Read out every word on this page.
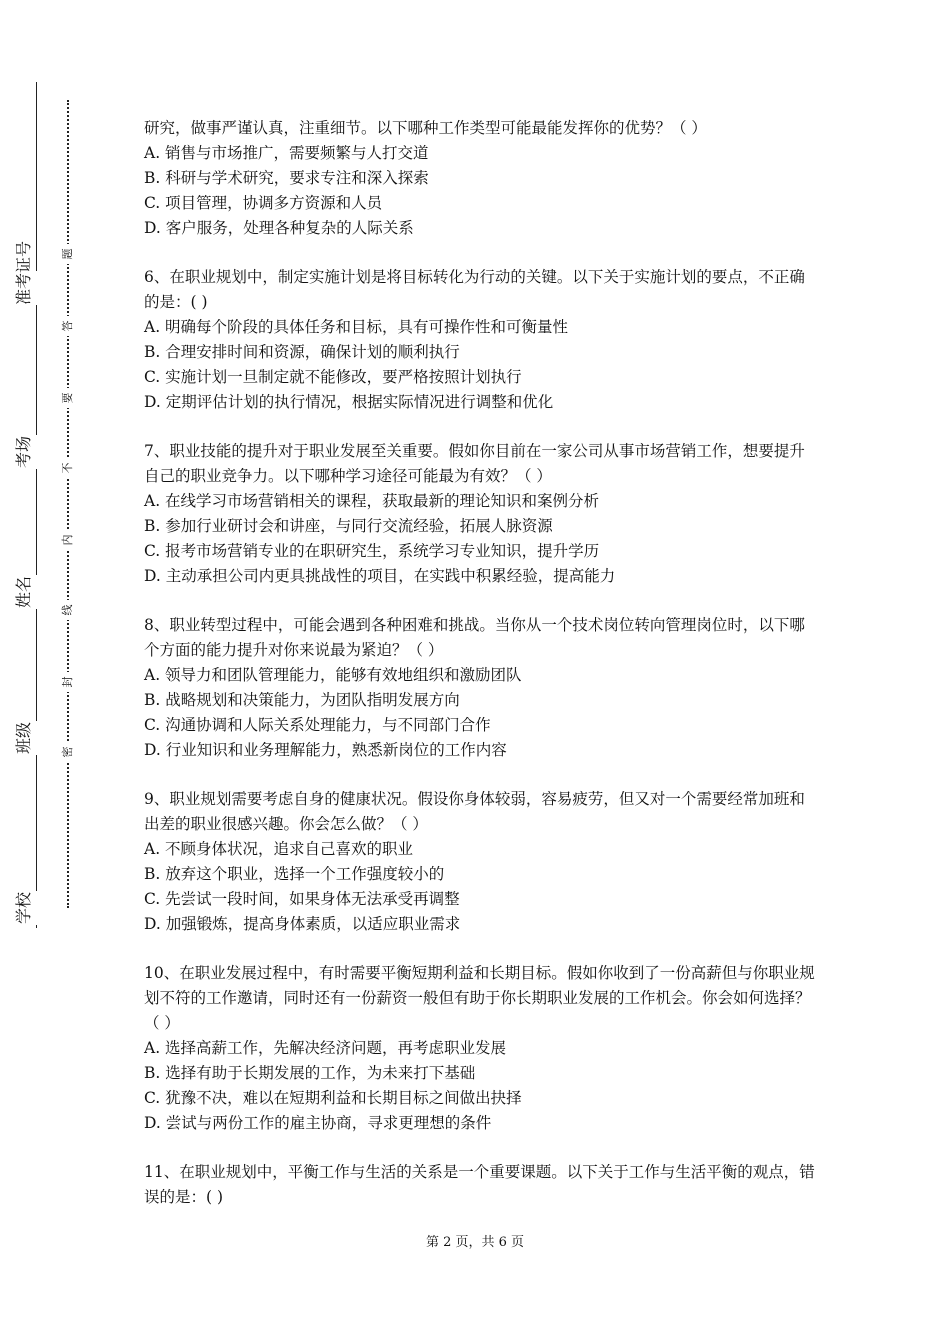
准考证号
考场
姓名
班级
学校
题
答
要
不
内
线
封
密

研究，做事严谨认真，注重细节。以下哪种工作类型可能最能发挥你的优势？（ ）

A. 销售与市场推广，需要频繁与人打交道

B. 科研与学术研究，要求专注和深入探索

C. 项目管理，协调多方资源和人员

D. 客户服务，处理各种复杂的人际关系

6、在职业规划中，制定实施计划是将目标转化为行动的关键。以下关于实施计划的要点，不正确的是：( )

A. 明确每个阶段的具体任务和目标，具有可操作性和可衡量性

B. 合理安排时间和资源，确保计划的顺利执行

C. 实施计划一旦制定就不能修改，要严格按照计划执行

D. 定期评估计划的执行情况，根据实际情况进行调整和优化

7、职业技能的提升对于职业发展至关重要。假如你目前在一家公司从事市场营销工作，想要提升自己的职业竞争力。以下哪种学习途径可能最为有效？（ ）

A. 在线学习市场营销相关的课程，获取最新的理论知识和案例分析

B. 参加行业研讨会和讲座，与同行交流经验，拓展人脉资源

C. 报考市场营销专业的在职研究生，系统学习专业知识，提升学历

D. 主动承担公司内更具挑战性的项目，在实践中积累经验，提高能力

8、职业转型过程中，可能会遇到各种困难和挑战。当你从一个技术岗位转向管理岗位时，以下哪个方面的能力提升对你来说最为紧迫？（ ）

A. 领导力和团队管理能力，能够有效地组织和激励团队

B. 战略规划和决策能力，为团队指明发展方向

C. 沟通协调和人际关系处理能力，与不同部门合作

D. 行业知识和业务理解能力，熟悉新岗位的工作内容

9、职业规划需要考虑自身的健康状况。假设你身体较弱，容易疲劳，但又对一个需要经常加班和出差的职业很感兴趣。你会怎么做？（ ）

A. 不顾身体状况，追求自己喜欢的职业

B. 放弃这个职业，选择一个工作强度较小的

C. 先尝试一段时间，如果身体无法承受再调整

D. 加强锻炼，提高身体素质，以适应职业需求

10、在职业发展过程中，有时需要平衡短期利益和长期目标。假如你收到了一份高薪但与你职业规划不符的工作邀请，同时还有一份薪资一般但有助于你长期职业发展的工作机会。你会如何选择？（ ）

A. 选择高薪工作，先解决经济问题，再考虑职业发展

B. 选择有助于长期发展的工作，为未来打下基础

C. 犹豫不决，难以在短期利益和长期目标之间做出抉择

D. 尝试与两份工作的雇主协商，寻求更理想的条件

11、在职业规划中，平衡工作与生活的关系是一个重要课题。以下关于工作与生活平衡的观点，错误的是：( )

第 2 页，共 6 页
